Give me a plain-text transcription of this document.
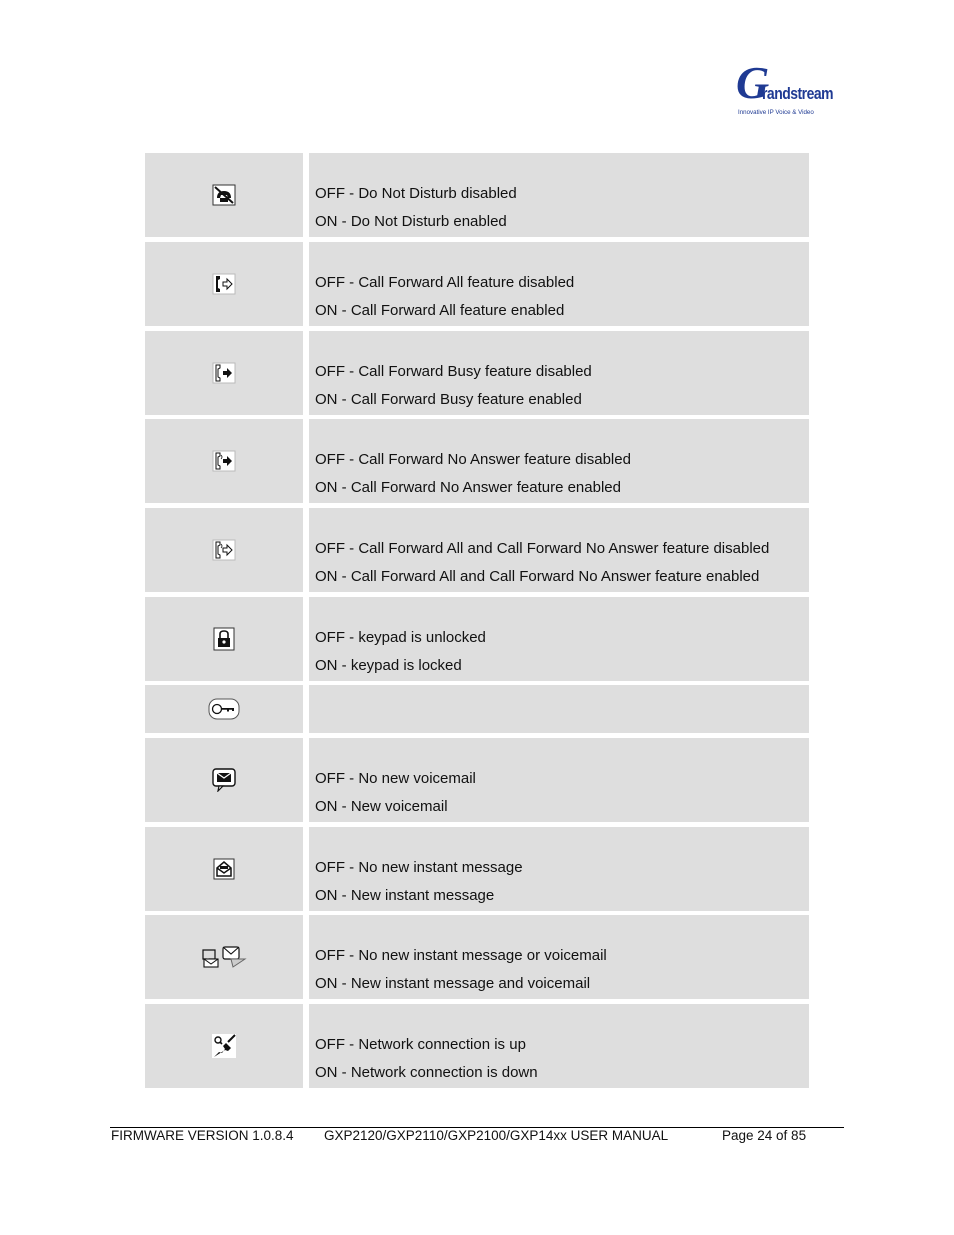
G
randstream
Innovative IP Voice & Video
OFF - Do Not Disturb disabled
ON - Do Not Disturb enabled
OFF - Call Forward All feature disabled
ON - Call Forward All feature enabled
OFF - Call Forward Busy feature disabled
ON - Call Forward Busy feature enabled
OFF - Call Forward No Answer feature disabled
ON - Call Forward No Answer feature enabled
OFF - Call Forward All and Call Forward No Answer feature disabled
ON - Call Forward All and Call Forward No Answer feature enabled
OFF - keypad is unlocked
ON - keypad is locked
OFF - No new voicemail
ON - New voicemail
OFF - No new instant message
ON - New instant message
OFF - No new instant message or voicemail
ON - New instant message and voicemail
OFF - Network connection is up
ON - Network connection is down
FIRMWARE VERSION 1.0.8.4 GXP2120/GXP2110/GXP2100/GXP14xx USER MANUAL	Page 24 of 85
